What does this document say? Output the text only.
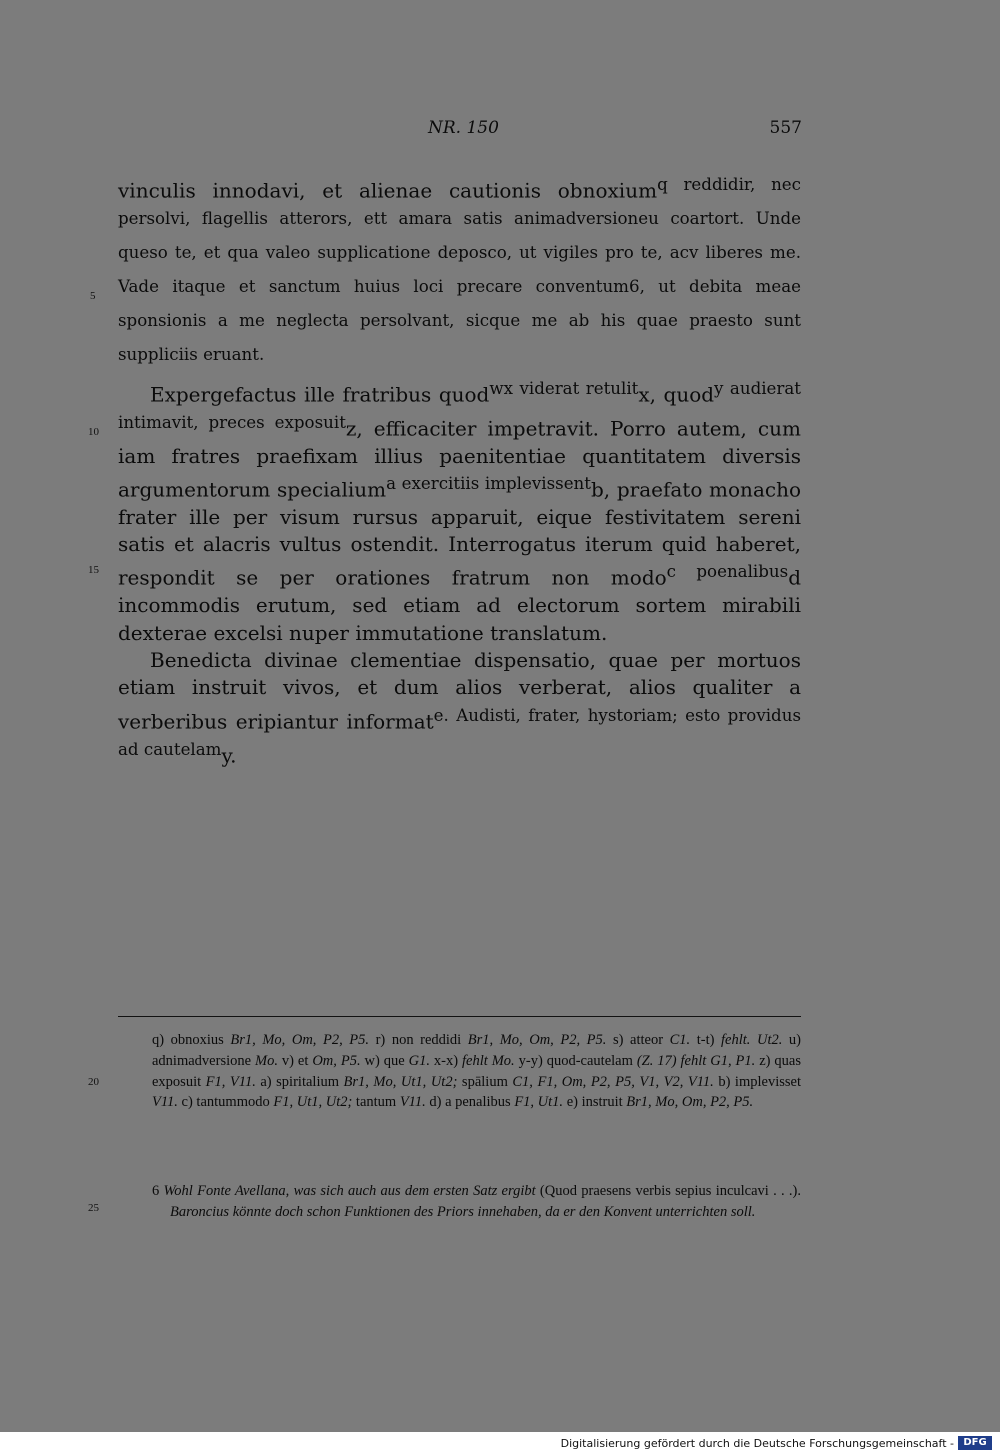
NR. 150	557

vinculis innodavi, et alienae cautionis obnoxium$^{q reddidir, nec persolvi, flagellis atterors, ett amara satis animadversioneu coartort. Unde queso te, et qua valeo supplicatione deposco, ut vigiles pro te, acv liberes me. Vade itaque et sanctum huius loci precare conventum6, ut debita meae sponsionis a me neglecta persolvant, sicque me ab his quae praesto sunt suppliciis eruant.}$

Expergefactus ille fratribus quod$^{wx viderat retulit}$x, quod$^{y audierat intimavit, preces exposuit}$z, efficaciter impetravit. Porro autem, cum iam fratres praefixam illius paenitentiae quantitatem diversis argumentorum specialium$^{a exercitiis implevissent}$b, praefato monacho frater ille per visum rursus apparuit, eique festivitatem sereni satis et alacris vultus ostendit. Interrogatus iterum quid haberet, respondit se per orationes fratrum non modo$^{c poenalibus}$d incommodis erutum, sed etiam ad electorum sortem mirabili dexterae excelsi nuper immutatione translatum.

Benedicta divinae clementiae dispensatio, quae per mortuos etiam instruit vivos, et dum alios verberat, alios qualiter a verberibus eripiantur informat$^{e. Audisti, frater, hystoriam; esto providus ad cautelam}$y.

5
10
15
20
25

q) obnoxius Br1, Mo, Om, P2, P5. r) non reddidi Br1, Mo, Om, P2, P5. s) atteor C1. t-t) fehlt. Ut2. u) adnimadversione Mo. v) et Om, P5. w) que G1. x-x) fehlt Mo. y-y) quod-cautelam (Z. 17) fehlt G1, P1. z) quas exposuit F1, V11. a) spiritalium Br1, Mo, Ut1, Ut2; spālium C1, F1, Om, P2, P5, V1, V2, V11. b) implevisset V11. c) tantummodo F1, Ut1, Ut2; tantum V11. d) a penalibus F1, Ut1. e) instruit Br1, Mo, Om, P2, P5.

6 Wohl Fonte Avellana, was sich auch aus dem ersten Satz ergibt (Quod praesens verbis sepius inculcavi . . .). Baroncius könnte doch schon Funktionen des Priors innehaben, da er den Konvent unterrichten soll.

Digitalisierung gefördert durch die Deutsche Forschungsgemeinschaft - DFG
